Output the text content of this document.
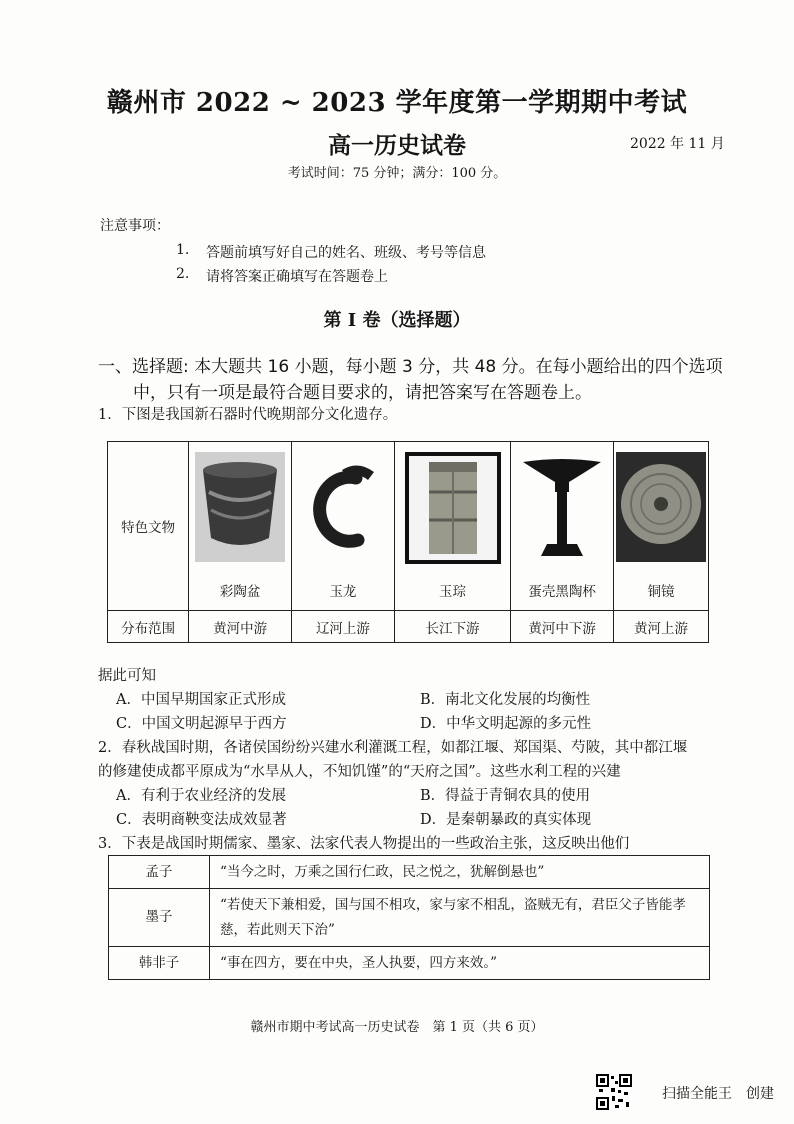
赣州市 2022 ~ 2023 学年度第一学期期中考试
高一历史试卷	2022 年 11 月
考试时间：75 分钟；满分：100 分。
注意事项：
1. 答题前填写好自己的姓名、班级、考号等信息
2. 请将答案正确填写在答题卷上
第 I 卷（选择题）
一、选择题: 本大题共 16 小题，每小题 3 分，共 48 分。在每小题给出的四个选项
中，只有一项是最符合题目要求的，请把答案写在答题卷上。
1．下图是我国新石器时代晚期部分文化遗存。
特色文物	彩陶盆	玉龙	玉琮	蛋壳黑陶杯	铜镜

分布范围	黄河中游	辽河上游	长江下游	黄河中下游	黄河上游
据此可知
A．中国早期国家正式形成	B．南北文化发展的均衡性
C．中国文明起源早于西方	D．中华文明起源的多元性
2．春秋战国时期，各诸侯国纷纷兴建水利灌溉工程，如都江堰、郑国渠、芍陂，其中都江堰
的修建使成都平原成为“水旱从人，不知饥馑”的“天府之国”。这些水利工程的兴建
A．有利于农业经济的发展	B．得益于青铜农具的使用
C．表明商鞅变法成效显著	D．是秦朝暴政的真实体现
3．下表是战国时期儒家、墨家、法家代表人物提出的一些政治主张，这反映出他们
孟子	“当今之时，万乘之国行仁政，民之悦之，犹解倒悬也”
墨子	“若使天下兼相爱，国与国不相攻，家与家不相乱，盗贼无有，君臣父子皆能孝慈，若此则天下治”
韩非子	“事在四方，要在中央，圣人执要，四方来效。”
赣州市期中考试高一历史试卷　第 1 页（共 6 页）
扫描全能王　创建
